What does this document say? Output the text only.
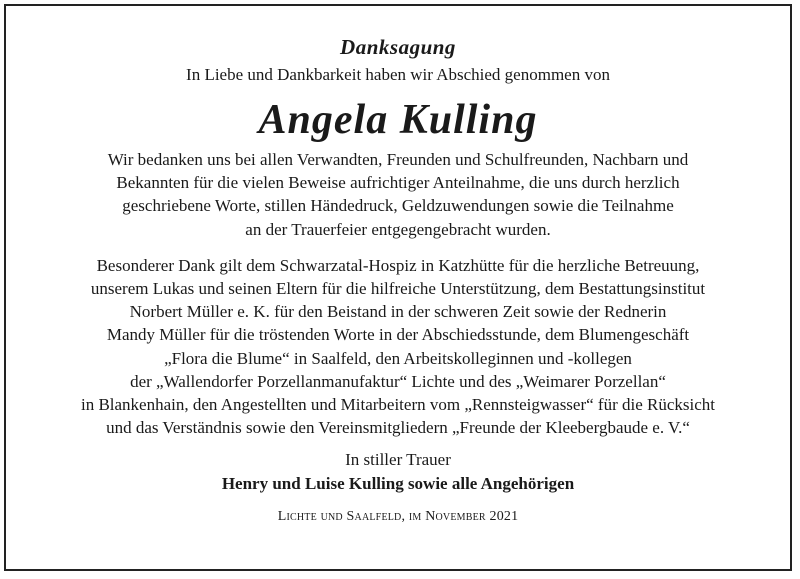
Danksagung
In Liebe und Dankbarkeit haben wir Abschied genommen von
Angela Kulling
Wir bedanken uns bei allen Verwandten, Freunden und Schulfreunden, Nachbarn und
Bekannten für die vielen Beweise aufrichtiger Anteilnahme, die uns durch herzlich
geschriebene Worte, stillen Händedruck, Geldzuwendungen sowie die Teilnahme
an der Trauerfeier entgegengebracht wurden.
Besonderer Dank gilt dem Schwarzatal-Hospiz in Katzhütte für die herzliche Betreuung,
unserem Lukas und seinen Eltern für die hilfreiche Unterstützung, dem Bestattungsinstitut
Norbert Müller e. K. für den Beistand in der schweren Zeit sowie der Rednerin
Mandy Müller für die tröstenden Worte in der Abschiedsstunde, dem Blumengeschäft
„Flora die Blume“ in Saalfeld, den Arbeitskolleginnen und -kollegen
der „Wallendorfer Porzellanmanufaktur“ Lichte und des „Weimarer Porzellan“
in Blankenhain, den Angestellten und Mitarbeitern vom „Rennsteigwasser“ für die Rücksicht
und das Verständnis sowie den Vereinsmitgliedern „Freunde der Kleebergbaude e. V.“
In stiller Trauer
Henry und Luise Kulling sowie alle Angehörigen
Lichte und Saalfeld, im November 2021
